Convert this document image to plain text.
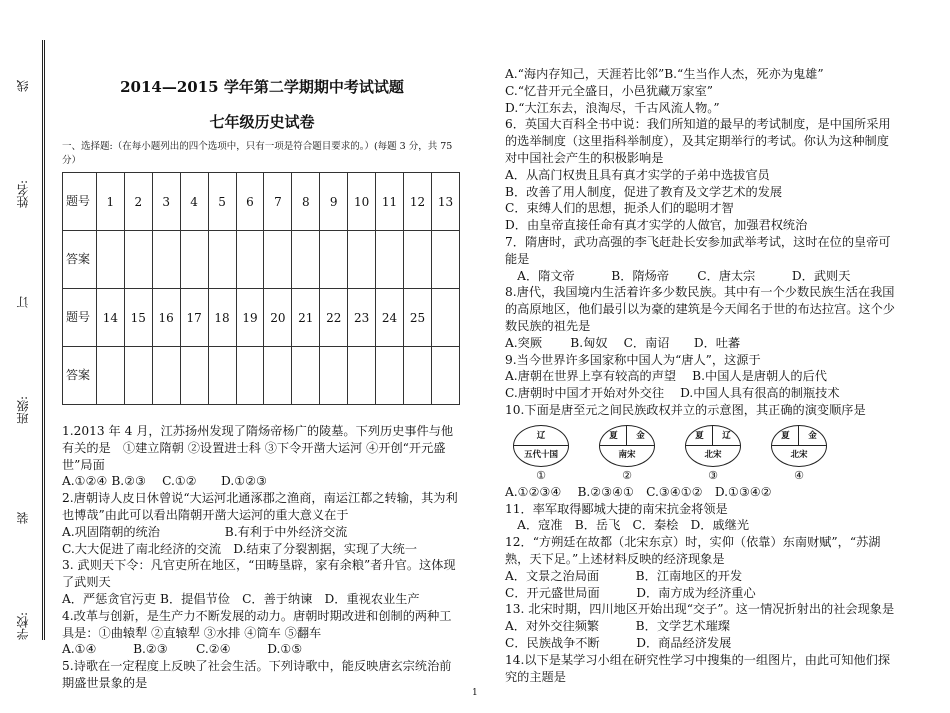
学校:
装
班级:
订
姓名:
线	2014—2015 学年第二学期期中考试试题
七年级历史试卷
一、选择题:（在每小题列出的四个选项中，只有一项是符合题目要求的。）(每题 3 分，共 75 分）
题号	1	2	3	4	5	6	7	8	9	10	11	12	13
答案													
题号	14	15	16	17	18	19	20	21	22	23	24	25	
答案													

1.2013 年 4 月，江苏扬州发现了隋炀帝杨广的陵墓。下列历史事件与他有关的是　①建立隋朝 ②设置进士科 ③下令开凿大运河 ④开创“开元盛世”局面

A.①②④ B.②③　 C.①②　　D.①②③

2.唐朝诗人皮日休曾说“大运河北通涿郡之渔商，南运江都之转输，其为利也博哉”由此可以看出隋朝开凿大运河的重大意义在于

A.巩固隋朝的统治　　　　　 B.有利于中外经济交流

C.大大促进了南北经济的交流　D.结束了分裂割据，实现了大统一

3. 武则天下令：凡官吏所在地区，“田畴垦辟，家有余粮”者升官。这体现了武则天

A．严惩贪官污吏 B．提倡节俭　C．善于纳谏　D．重视农业生产

4.改革与创新，是生产力不断发展的动力。唐朝时期改进和创制的两种工具是：①曲辕犁 ②直辕犁 ③水排 ④筒车 ⑤翻车

A.①④　　　B.②③　　 C.②④　　　D.①⑤

5.诗歌在一定程度上反映了社会生活。下列诗歌中，能反映唐玄宗统治前期盛世景象的是

A.“海内存知己，天涯若比邻”B.“生当作人杰，死亦为鬼雄”

C.“忆昔开元全盛日，小邑犹藏万家室”

D.“大江东去，浪淘尽，千古风流人物。”

6．英国大百科全书中说：我们所知道的最早的考试制度，是中国所采用的选举制度（这里指科举制度），及其定期举行的考试。你认为这种制度对中国社会产生的积极影响是

A．从高门权贵且具有真才实学的子弟中选拔官员

B．改善了用人制度，促进了教育及文学艺术的发展

C．束缚人们的思想，扼杀人们的聪明才智

D．由皇帝直接任命有真才实学的人做官，加强君权统治

7．隋唐时，武功高强的李飞赶赴长安参加武举考试，这时在位的皇帝可能是

　A．隋文帝　　　B．隋炀帝　　 C．唐太宗　　　D．武则天

8.唐代，我国境内生活着许多少数民族。其中有一个少数民族生活在我国的高原地区，他们最引以为豪的建筑是今天闻名于世的布达拉宫。这个少数民族的祖先是

A.突厥　　 B.匈奴　 C．南诏　　D．吐蕃

9.当今世界许多国家称中国人为“唐人”，这源于

A.唐朝在世界上享有较高的声望　 B.中国人是唐朝人的后代

C.唐朝时中国才开始对外交往　 D.中国人具有很高的制瓶技术

10.下面是唐至元之间民族政权并立的示意图，其正确的演变顺序是

辽
五代十国
①
夏 金
南宋
②
夏 辽
北宋
③
夏 金
北宋
④

A.①②③④　 B.②③④①　C.③④①②　D.①③④②

11．率军取得郾城大捷的南宋抗金将领是

　A．寇准　B．岳飞　C．秦桧　D．戚继光

12．“方朔廷在故都（北宋东京）时，实仰（依靠）东南财赋”，“苏湖熟，天下足。”上述材料反映的经济现象是

A．文景之治局面　　　B．江南地区的开发

C．开元盛世局面　　　D．南方成为经济重心

13. 北宋时期，四川地区开始出现“交子”。这一情况折射出的社会现象是

A．对外交往频繁　　　B．文学艺术璀璨

C．民族战争不断　　　D．商品经济发展

14.以下是某学习小组在研究性学习中搜集的一组图片，由此可知他们探究的主题是

1
